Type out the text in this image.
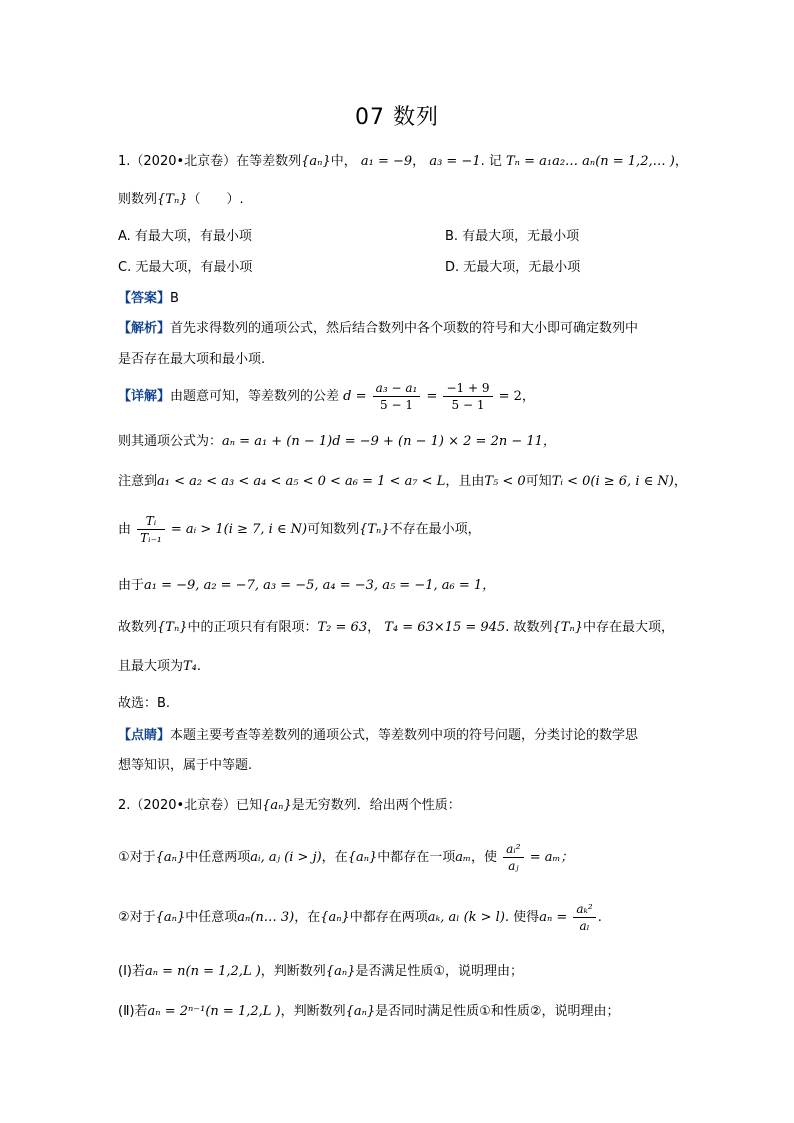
07 数列
1.（2020•北京卷）在等差数列{aₙ}中， a₁ = −9， a₃ = −1. 记 Tₙ = a₁a₂… aₙ(n = 1,2,… )，
则数列{Tₙ}（　　）.
A. 有最大项，有最小项	B. 有最大项，无最小项
C. 无最大项，有最小项	D. 无最大项，无最小项
【答案】B
【解析】首先求得数列的通项公式，然后结合数列中各个项数的符号和大小即可确定数列中
是否存在最大项和最小项.
【详解】由题意可知，等差数列的公差 $d = \frac{\text{a₃ − a₁}}{5 - 1} = \frac{-1 + 9}{5 - 1} = 2$，
则其通项公式为：aₙ = a₁ + (n − 1)d = −9 + (n − 1) × 2 = 2n − 11，
注意到a₁ < a₂ < a₃ < a₄ < a₅ < 0 < a₆ = 1 < a₇ < L，且由T₅ < 0可知Tᵢ < 0(i ≥ 6, i ∈ N)，
由 $\frac{\text{Tᵢ}}{\text{Tᵢ₋₁}}$ = aᵢ > 1(i ≥ 7, i ∈ N)可知数列{Tₙ}不存在最小项，
由于a₁ = −9, a₂ = −7, a₃ = −5, a₄ = −3, a₅ = −1, a₆ = 1，
故数列{Tₙ}中的正项只有有限项：T₂ = 63， T₄ = 63×15 = 945. 故数列{Tₙ}中存在最大项，
且最大项为T₄.
故选：B.
【点睛】本题主要考查等差数列的通项公式，等差数列中项的符号问题，分类讨论的数学思
想等知识，属于中等题.
2.（2020•北京卷）已知{aₙ}是无穷数列．给出两个性质：
①对于{aₙ}中任意两项aᵢ, aⱼ (i > j)，在{aₙ}中都存在一项aₘ，使 $\frac{\text{aᵢ²}}{\text{aⱼ}} = a_m$；
②对于{aₙ}中任意项aₙ(n… 3)，在{aₙ}中都存在两项aₖ, aₗ (k > l). 使得$a_n = \frac{\text{aₖ²}}{\text{aₗ}}$ .
(Ⅰ)若aₙ = n(n = 1,2,L )，判断数列{aₙ}是否满足性质①，说明理由；
(Ⅱ)若aₙ = 2ⁿ⁻¹(n = 1,2,L )，判断数列{aₙ}是否同时满足性质①和性质②，说明理由；
